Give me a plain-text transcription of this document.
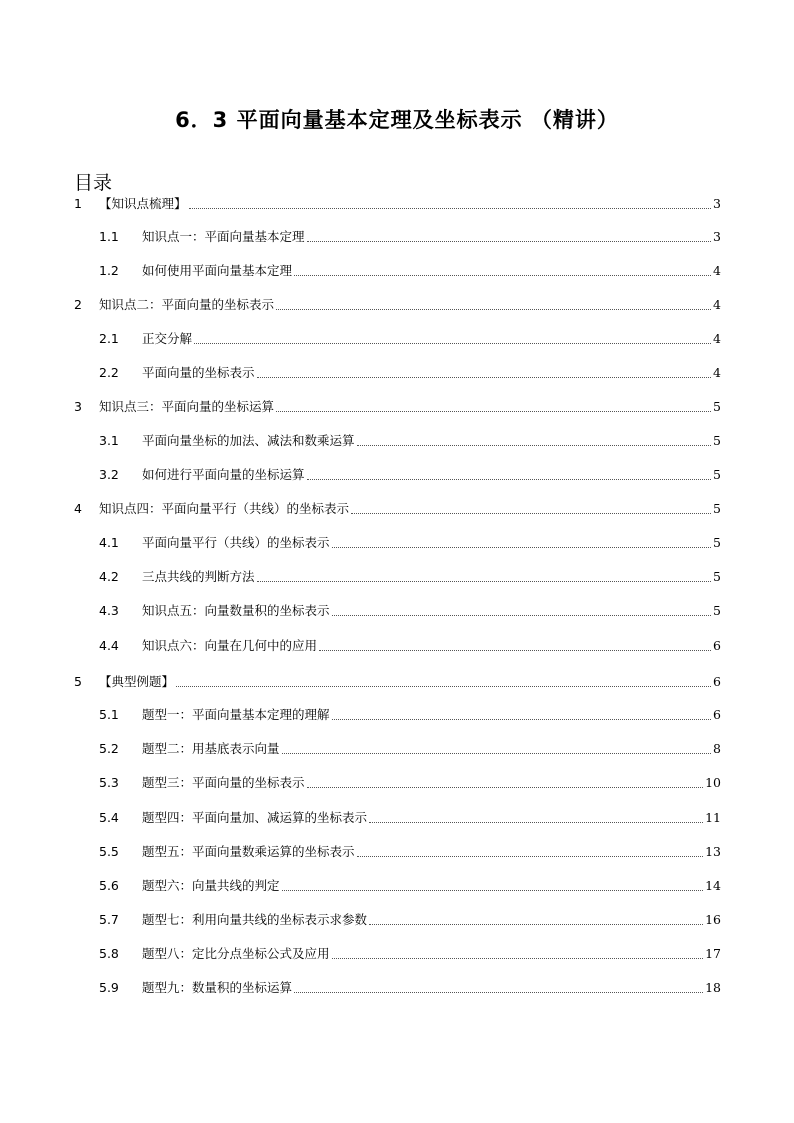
6．3 平面向量基本定理及坐标表示 （精讲）
目录
1 【知识点梳理】	3
1.1 知识点一：平面向量基本定理	3
1.2 如何使用平面向量基本定理	4
2 知识点二：平面向量的坐标表示	4
2.1 正交分解	4
2.2 平面向量的坐标表示	4
3 知识点三：平面向量的坐标运算	5
3.1 平面向量坐标的加法、减法和数乘运算	5
3.2 如何进行平面向量的坐标运算	5
4 知识点四：平面向量平行（共线）的坐标表示	5
4.1 平面向量平行（共线）的坐标表示	5
4.2 三点共线的判断方法	5
4.3 知识点五：向量数量积的坐标表示	5
4.4 知识点六：向量在几何中的应用	6
5 【典型例题】	6
5.1 题型一：平面向量基本定理的理解	6
5.2 题型二：用基底表示向量	8
5.3 题型三：平面向量的坐标表示	10
5.4 题型四：平面向量加、减运算的坐标表示	11
5.5 题型五：平面向量数乘运算的坐标表示	13
5.6 题型六：向量共线的判定	14
5.7 题型七：利用向量共线的坐标表示求参数	16
5.8 题型八：定比分点坐标公式及应用	17
5.9 题型九：数量积的坐标运算	18
